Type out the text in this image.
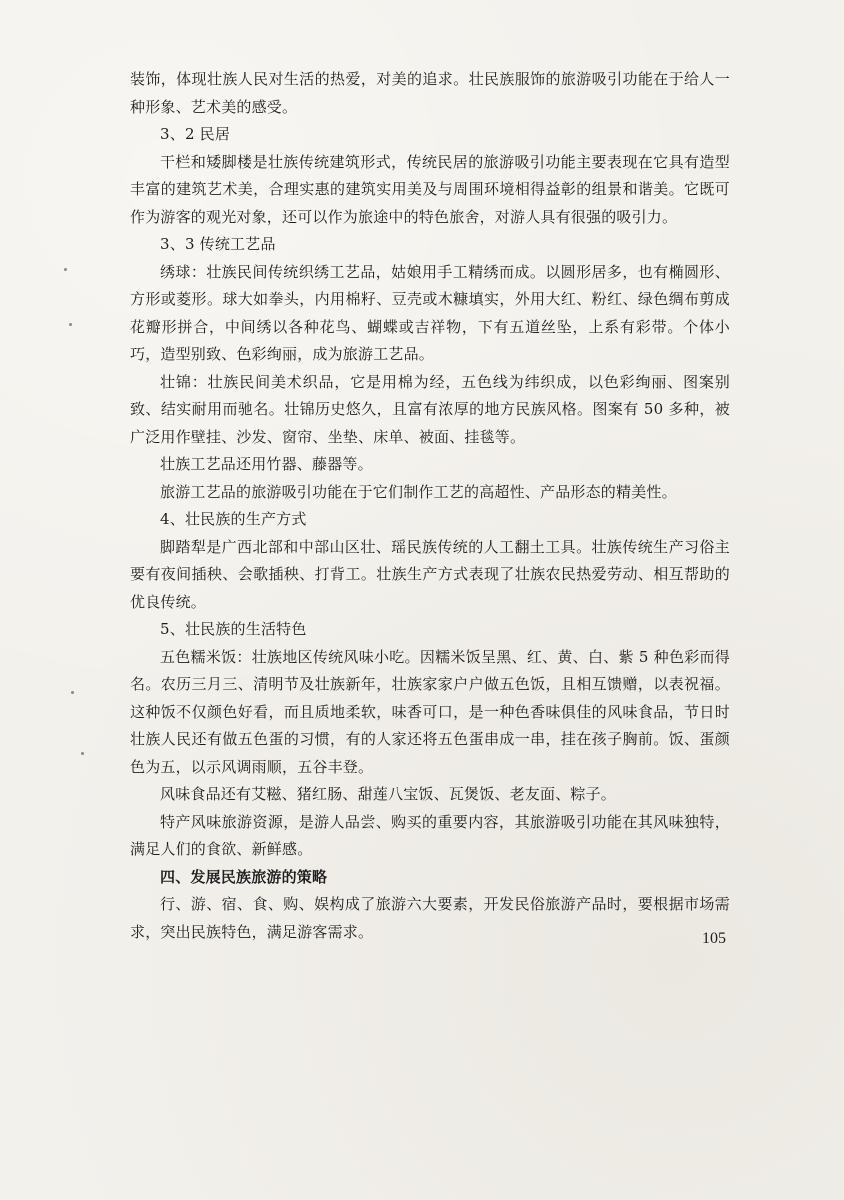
装饰，体现壮族人民对生活的热爱，对美的追求。壮民族服饰的旅游吸引功能在于给人一种形象、艺术美的感受。

3、2 民居

干栏和矮脚楼是壮族传统建筑形式，传统民居的旅游吸引功能主要表现在它具有造型丰富的建筑艺术美，合理实惠的建筑实用美及与周围环境相得益彰的组景和谐美。它既可作为游客的观光对象，还可以作为旅途中的特色旅舍，对游人具有很强的吸引力。

3、3 传统工艺品

绣球：壮族民间传统织绣工艺品，姑娘用手工精绣而成。以圆形居多，也有椭圆形、方形或菱形。球大如拳头，内用棉籽、豆壳或木糠填实，外用大红、粉红、绿色绸布剪成花瓣形拼合，中间绣以各种花鸟、蝴蝶或吉祥物，下有五道丝坠，上系有彩带。个体小巧，造型别致、色彩绚丽，成为旅游工艺品。

壮锦：壮族民间美术织品，它是用棉为经，五色线为纬织成，以色彩绚丽、图案别致、结实耐用而驰名。壮锦历史悠久，且富有浓厚的地方民族风格。图案有 50 多种，被广泛用作壁挂、沙发、窗帘、坐垫、床单、被面、挂毯等。

壮族工艺品还用竹器、藤器等。

旅游工艺品的旅游吸引功能在于它们制作工艺的高超性、产品形态的精美性。

4、壮民族的生产方式

脚踏犁是广西北部和中部山区壮、瑶民族传统的人工翻土工具。壮族传统生产习俗主要有夜间插秧、会歌插秧、打背工。壮族生产方式表现了壮族农民热爱劳动、相互帮助的优良传统。

5、壮民族的生活特色

五色糯米饭：壮族地区传统风味小吃。因糯米饭呈黑、红、黄、白、紫 5 种色彩而得名。农历三月三、清明节及壮族新年，壮族家家户户做五色饭，且相互馈赠，以表祝福。这种饭不仅颜色好看，而且质地柔软，味香可口，是一种色香味俱佳的风味食品，节日时壮族人民还有做五色蛋的习惯，有的人家还将五色蛋串成一串，挂在孩子胸前。饭、蛋颜色为五，以示风调雨顺，五谷丰登。

风味食品还有艾糍、猪红肠、甜莲八宝饭、瓦煲饭、老友面、粽子。

特产风味旅游资源，是游人品尝、购买的重要内容，其旅游吸引功能在其风味独特，满足人们的食欲、新鲜感。

四、发展民族旅游的策略

行、游、宿、食、购、娱构成了旅游六大要素，开发民俗旅游产品时，要根据市场需求，突出民族特色，满足游客需求。	105
